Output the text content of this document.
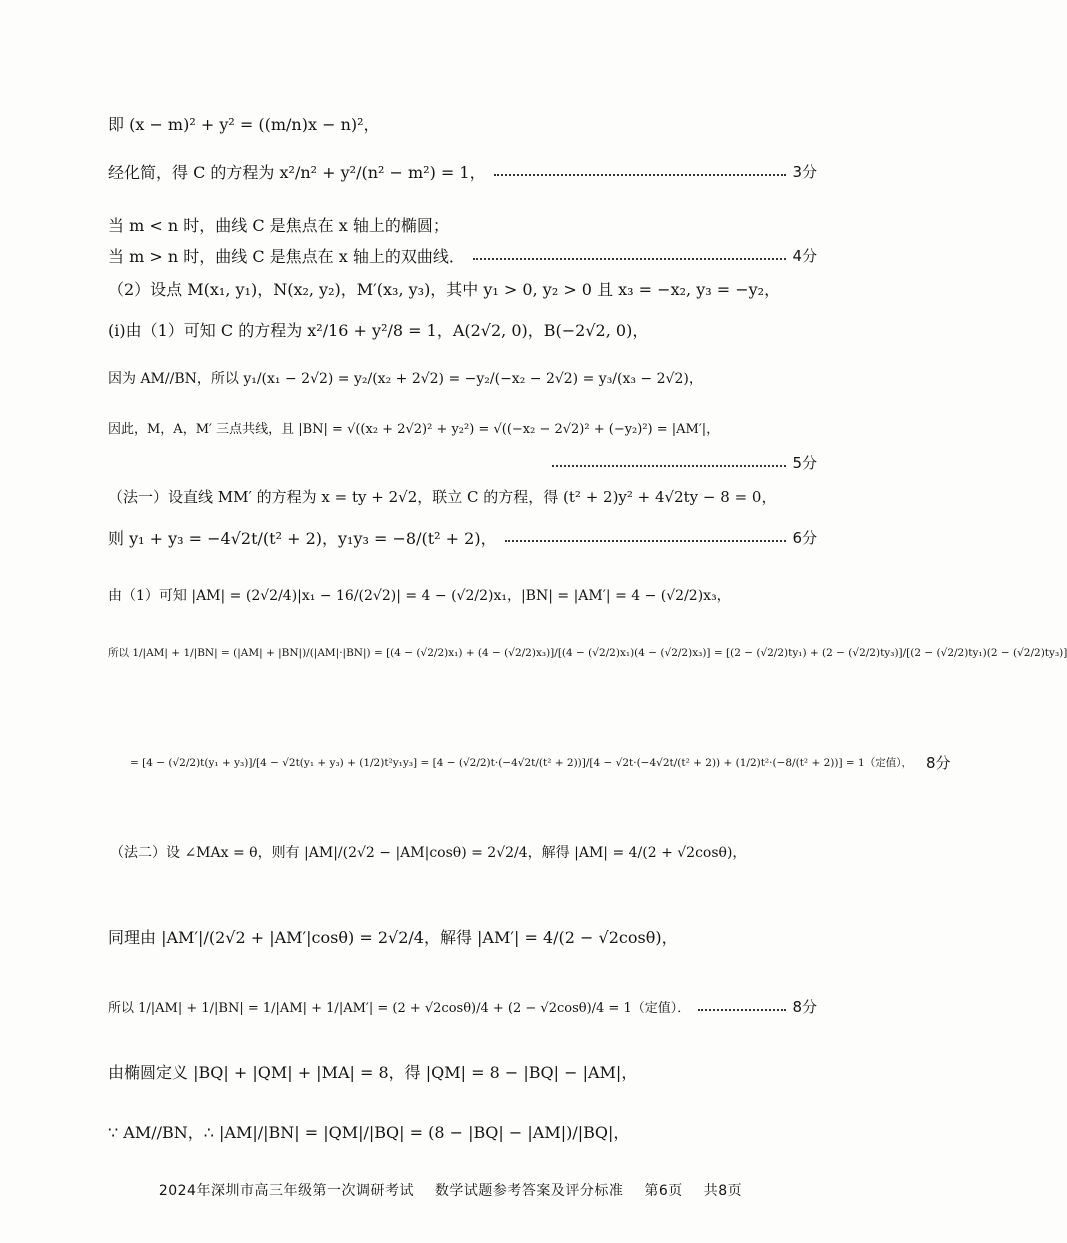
即 (x − m)² + y² = ((m/n)x − n)²，
经化简，得 C 的方程为 x²/n² + y²/(n² − m²) = 1，	3分
当 m < n 时，曲线 C 是焦点在 x 轴上的椭圆；
当 m > n 时，曲线 C 是焦点在 x 轴上的双曲线．	4分
（2）设点 M(x₁, y₁)，N(x₂, y₂)，M′(x₃, y₃)，其中 y₁ > 0, y₂ > 0 且 x₃ = −x₂, y₃ = −y₂，
(i)由（1）可知 C 的方程为 x²/16 + y²/8 = 1，A(2√2, 0)，B(−2√2, 0)，
因为 AM//BN，所以 y₁/(x₁ − 2√2) = y₂/(x₂ + 2√2) = −y₂/(−x₂ − 2√2) = y₃/(x₃ − 2√2)，
因此，M，A，M′ 三点共线，且 |BN| = √((x₂ + 2√2)² + y₂²) = √((−x₂ − 2√2)² + (−y₂)²) = |AM′|，
5分
（法一）设直线 MM′ 的方程为 x = ty + 2√2，联立 C 的方程，得 (t² + 2)y² + 4√2ty − 8 = 0，
则 y₁ + y₃ = −4√2t/(t² + 2)，y₁y₃ = −8/(t² + 2)，	6分
由（1）可知 |AM| = (2√2/4)|x₁ − 16/(2√2)| = 4 − (√2/2)x₁，|BN| = |AM′| = 4 − (√2/2)x₃，
所以 1/|AM| + 1/|BN| = (|AM| + |BN|)/(|AM|·|BN|) = [(4 − (√2/2)x₁) + (4 − (√2/2)x₃)]/[(4 − (√2/2)x₁)(4 − (√2/2)x₃)] = [(2 − (√2/2)ty₁) + (2 − (√2/2)ty₃)]/[(2 − (√2/2)ty₁)(2 − (√2/2)ty₃)]
= [4 − (√2/2)t(y₁ + y₃)]/[4 − √2t(y₁ + y₃) + (1/2)t²y₁y₃] = [4 − (√2/2)t·(−4√2t/(t² + 2))]/[4 − √2t·(−4√2t/(t² + 2)) + (1/2)t²·(−8/(t² + 2))] = 1（定值）， 8分
（法二）设 ∠MAx = θ，则有 |AM|/(2√2 − |AM|cosθ) = 2√2/4，解得 |AM| = 4/(2 + √2cosθ)，
同理由 |AM′|/(2√2 + |AM′|cosθ) = 2√2/4，解得 |AM′| = 4/(2 − √2cosθ)，
所以 1/|AM| + 1/|BN| = 1/|AM| + 1/|AM′| = (2 + √2cosθ)/4 + (2 − √2cosθ)/4 = 1（定值）．	8分
由椭圆定义 |BQ| + |QM| + |MA| = 8，得 |QM| = 8 − |BQ| − |AM|，
∵ AM//BN，∴ |AM|/|BN| = |QM|/|BQ| = (8 − |BQ| − |AM|)/|BQ|，
2024年深圳市高三年级第一次调研考试 数学试题参考答案及评分标准 第6页 共8页
